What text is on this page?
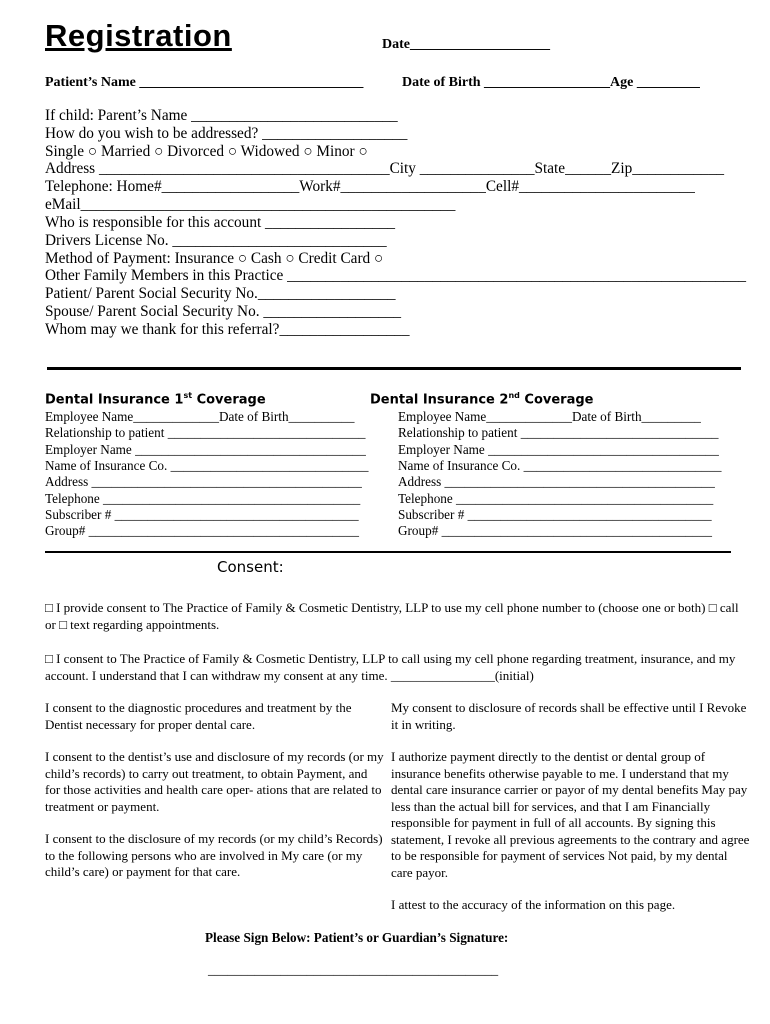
Registration	Date____________________
Patient’s Name ________________________________	Date of Birth __________________Age _________
If child: Parent’s Name ___________________________
How do you wish to be addressed? ___________________
Single ○ Married ○ Divorced ○ Widowed ○ Minor ○
Address ______________________________________City _______________State______Zip____________
Telephone: Home#__________________Work#___________________Cell#_______________________
eMail_________________________________________________
Who is responsible for this account _________________
Drivers License No. ____________________________
Method of Payment: Insurance ○ Cash ○ Credit Card ○
Other Family Members in this Practice ____________________________________________________________
Patient/ Parent Social Security No.__________________
Spouse/ Parent Social Security No. __________________
Whom may we thank for this referral?_________________
Dental Insurance 1st Coverage	Dental Insurance 2nd Coverage
Employee Name_____________Date of Birth__________
Relationship to patient ______________________________
Employer Name ___________________________________
Name of Insurance Co. ______________________________
Address _________________________________________
Telephone _______________________________________
Subscriber # _____________________________________
Group# _________________________________________
Employee Name_____________Date of Birth_________
Relationship to patient ______________________________
Employer Name ___________________________________
Name of Insurance Co. ______________________________
Address _________________________________________
Telephone _______________________________________
Subscriber # _____________________________________
Group# _________________________________________
Consent:
□ I provide consent to The Practice of Family & Cosmetic Dentistry, LLP to use my cell phone number to (choose one or both) □ call or □ text regarding appointments.
□ I consent to The Practice of Family & Cosmetic Dentistry, LLP to call using my cell phone regarding treatment, insurance, and my account. I understand that I can withdraw my consent at any time. ________________(initial)
I consent to the diagnostic procedures and treatment by the Dentist necessary for proper dental care.
I consent to the dentist’s use and disclosure of my records (or my child’s records) to carry out treatment, to obtain Payment, and for those activities and health care oper- ations that are related to treatment or payment.
I consent to the disclosure of my records (or my child’s Records) to the following persons who are involved in My care (or my child’s care) or payment for that care.
My consent to disclosure of records shall be effective until I Revoke it in writing.
I authorize payment directly to the dentist or dental group of insurance benefits otherwise payable to me. I understand that my dental care insurance carrier or payor of my dental benefits May pay less than the actual bill for services, and that I am Financially responsible for payment in full of all accounts. By signing this statement, I revoke all previous agreements to the contrary and agree to be responsible for payment of services Not paid, by my dental care payor.
I attest to the accuracy of the information on this page.
Please Sign Below: Patient’s or Guardian’s Signature:
____________________________________________
